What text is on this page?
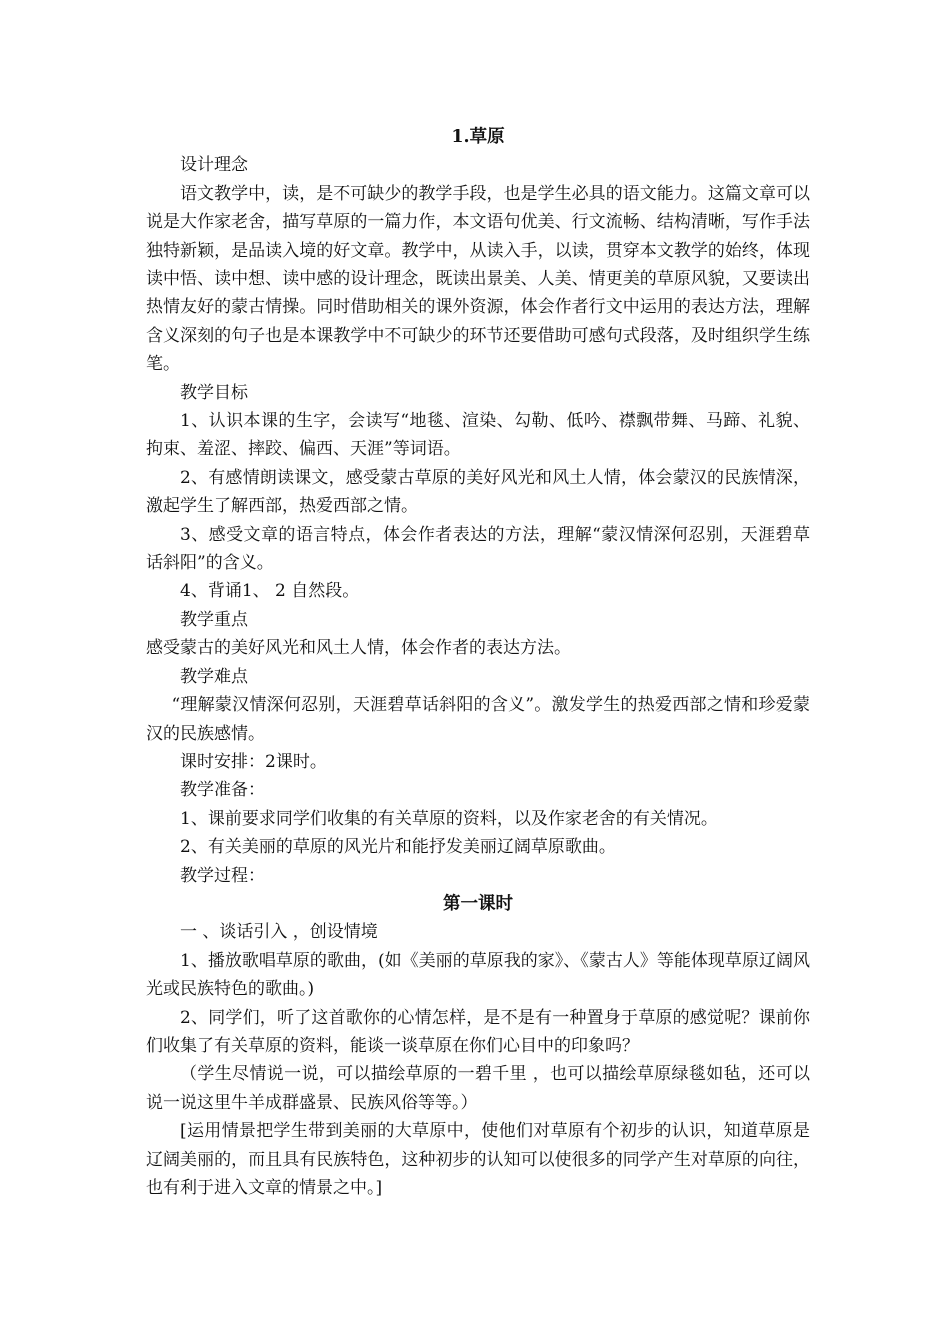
1.草原

设计理念

语文教学中，读，是不可缺少的教学手段，也是学生必具的语文能力。这篇文章可以说是大作家老舍，描写草原的一篇力作，本文语句优美、行文流畅、结构清晰，写作手法独特新颖，是品读入境的好文章。教学中，从读入手，以读，贯穿本文教学的始终，体现读中悟、读中想、读中感的设计理念，既读出景美、人美、情更美的草原风貌，又要读出热情友好的蒙古情操。同时借助相关的课外资源，体会作者行文中运用的表达方法，理解含义深刻的句子也是本课教学中不可缺少的环节还要借助可感句式段落，及时组织学生练笔。

教学目标

1、认识本课的生字，会读写“地毯、渲染、勾勒、低吟、襟飘带舞、马蹄、礼貌、拘束、羞涩、摔跤、偏西、天涯”等词语。

2、有感情朗读课文，感受蒙古草原的美好风光和风土人情，体会蒙汉的民族情深，激起学生了解西部，热爱西部之情。

3、感受文章的语言特点，体会作者表达的方法，理解“蒙汉情深何忍别，天涯碧草话斜阳”的含义。

4、背诵1、 2 自然段。

教学重点

感受蒙古的美好风光和风土人情，体会作者的表达方法。

教学难点

“理解蒙汉情深何忍别，天涯碧草话斜阳的含义”。激发学生的热爱西部之情和珍爱蒙汉的民族感情。

课时安排：2课时。

教学准备：

1、课前要求同学们收集的有关草原的资料，以及作家老舍的有关情况。

2、有关美丽的草原的风光片和能抒发美丽辽阔草原歌曲。

教学过程：

第一课时

一 、谈话引入 ，创设情境

1、播放歌唱草原的歌曲，(如《美丽的草原我的家》、《蒙古人》等能体现草原辽阔风光或民族特色的歌曲。)

2、同学们，听了这首歌你的心情怎样，是不是有一种置身于草原的感觉呢？课前你们收集了有关草原的资料，能谈一谈草原在你们心目中的印象吗？

（学生尽情说一说，可以描绘草原的一碧千里 ，也可以描绘草原绿毯如毡，还可以说一说这里牛羊成群盛景、民族风俗等等。）

[运用情景把学生带到美丽的大草原中，使他们对草原有个初步的认识，知道草原是辽阔美丽的，而且具有民族特色，这种初步的认知可以使很多的同学产生对草原的向往，也有利于进入文章的情景之中。]
